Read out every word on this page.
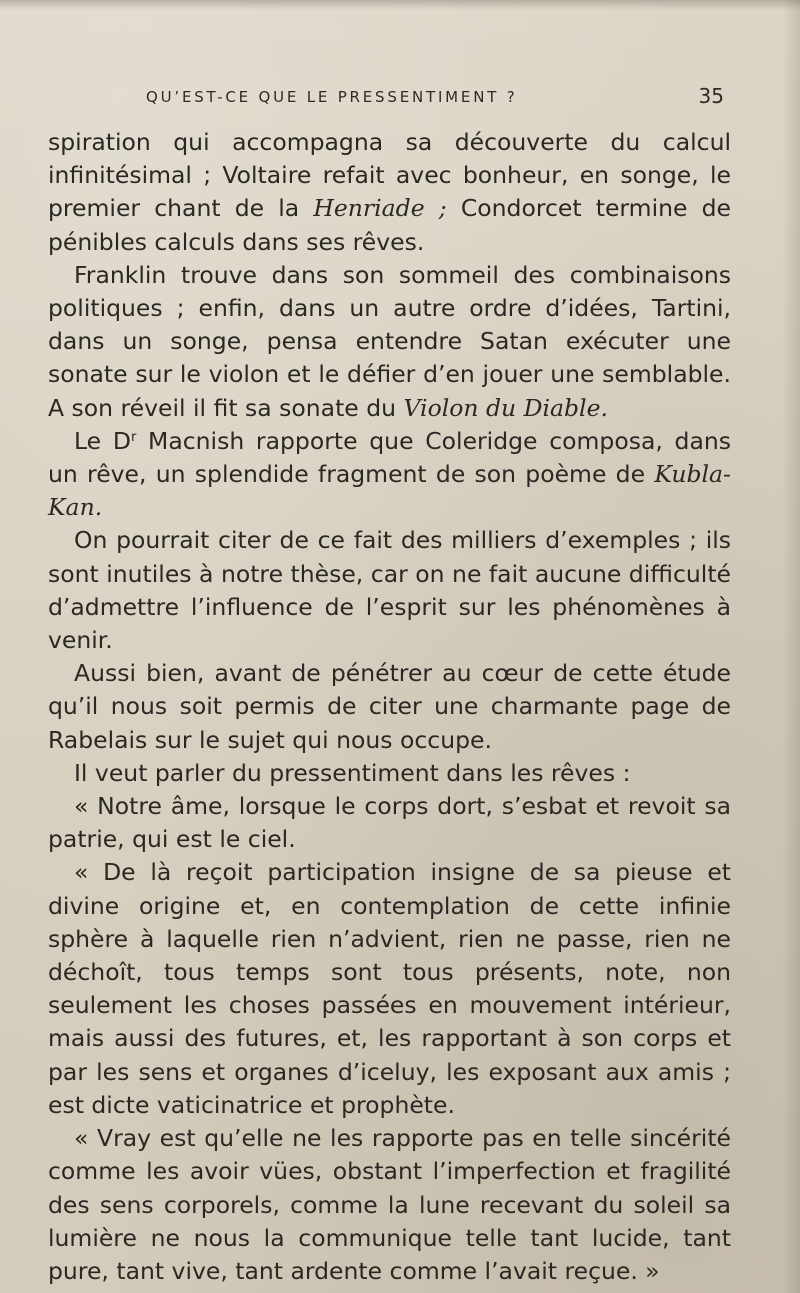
QU’EST-CE QUE LE PRESSENTIMENT ?	35

spiration qui accompagna sa découverte du calcul infinitésimal ; Voltaire refait avec bonheur, en songe, le premier chant de la Henriade ; Condorcet termine de pénibles calculs dans ses rêves.

Franklin trouve dans son sommeil des combinaisons politiques ; enfin, dans un autre ordre d’idées, Tartini, dans un songe, pensa entendre Satan exécuter une sonate sur le violon et le défier d’en jouer une semblable. A son réveil il fit sa sonate du Violon du Diable.

Le $D^r$ Macnish rapporte que Coleridge composa, dans un rêve, un splendide fragment de son poème de Kubla-Kan.

On pourrait citer de ce fait des milliers d’exemples ; ils sont inutiles à notre thèse, car on ne fait aucune difficulté d’admettre l’influence de l’esprit sur les phénomènes à venir.

Aussi bien, avant de pénétrer au cœur de cette étude qu’il nous soit permis de citer une charmante page de Rabelais sur le sujet qui nous occupe.

Il veut parler du pressentiment dans les rêves :

« Notre âme, lorsque le corps dort, s’esbat et revoit sa patrie, qui est le ciel.

« De là reçoit participation insigne de sa pieuse et divine origine et, en contemplation de cette infinie sphère à laquelle rien n’advient, rien ne passe, rien ne déchoît, tous temps sont tous présents, note, non seulement les choses passées en mouvement intérieur, mais aussi des futures, et, les rapportant à son corps et par les sens et organes d’iceluy, les exposant aux amis ; est dicte vaticinatrice et prophète.

« Vray est qu’elle ne les rapporte pas en telle sincérité comme les avoir vües, obstant l’imperfection et fragilité des sens corporels, comme la lune recevant du soleil sa lumière ne nous la communique telle tant lucide, tant pure, tant vive, tant ardente comme l’avait reçue. »
